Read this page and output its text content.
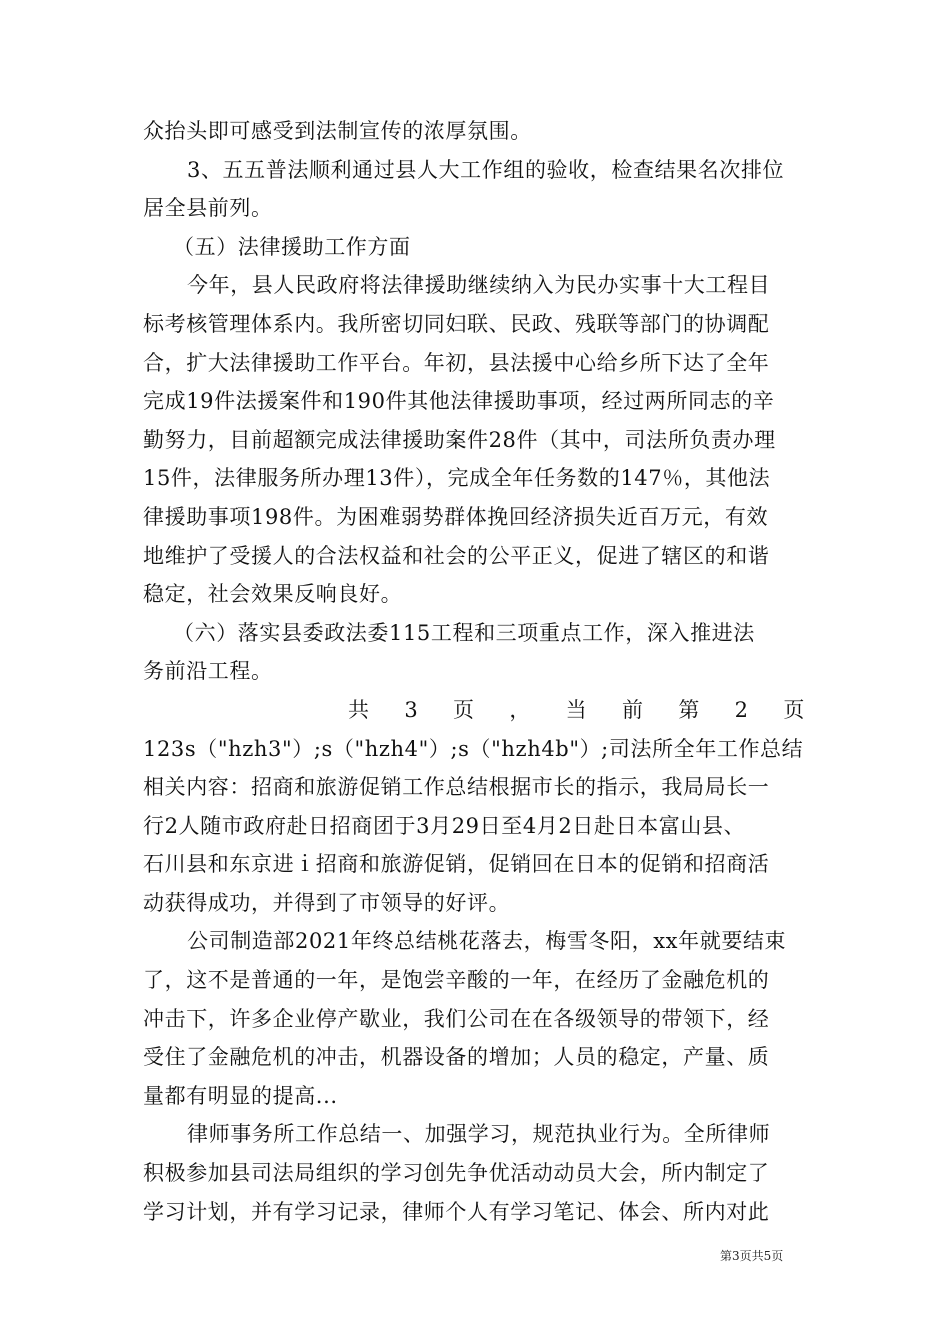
众抬头即可感受到法制宣传的浓厚氛围。
3、五五普法顺利通过县人大工作组的验收，检查结果名次排位
居全县前列。
（五）法律援助工作方面
今年，县人民政府将法律援助继续纳入为民办实事十大工程目
标考核管理体系内。我所密切同妇联、民政、残联等部门的协调配
合，扩大法律援助工作平台。年初，县法援中心给乡所下达了全年
完成19件法援案件和190件其他法律援助事项，经过两所同志的辛
勤努力，目前超额完成法律援助案件28件（其中，司法所负责办理
15件，法律服务所办理13件），完成全年任务数的147％，其他法
律援助事项198件。为困难弱势群体挽回经济损失近百万元，有效
地维护了受援人的合法权益和社会的公平正义，促进了辖区的和谐
稳定，社会效果反响良好。
（六）落实县委政法委115工程和三项重点工作，深入推进法
务前沿工程。
共 3 页 ， 当 前 第 2 页
123s（"hzh3"）;s（"hzh4"）;s（"hzh4b"）;司法所全年工作总结
相关内容：招商和旅游促销工作总结根据市长的指示，我局局长一
行2人随市政府赴日招商团于3月29日至4月2日赴日本富山县、
石川县和东京进ｉ招商和旅游促销，促销回在日本的促销和招商活
动获得成功，并得到了市领导的好评。
公司制造部2021年终总结桃花落去，梅雪冬阳，xx年就要结束
了，这不是普通的一年，是饱尝辛酸的一年，在经历了金融危机的
冲击下，许多企业停产歇业，我们公司在在各级领导的带领下，经
受住了金融危机的冲击，机器设备的增加；人员的稳定，产量、质
量都有明显的提高...
律师事务所工作总结一、加强学习，规范执业行为。全所律师
积极参加县司法局组织的学习创先争优活动动员大会，所内制定了
学习计划，并有学习记录，律师个人有学习笔记、体会、所内对此
第3页共5页
